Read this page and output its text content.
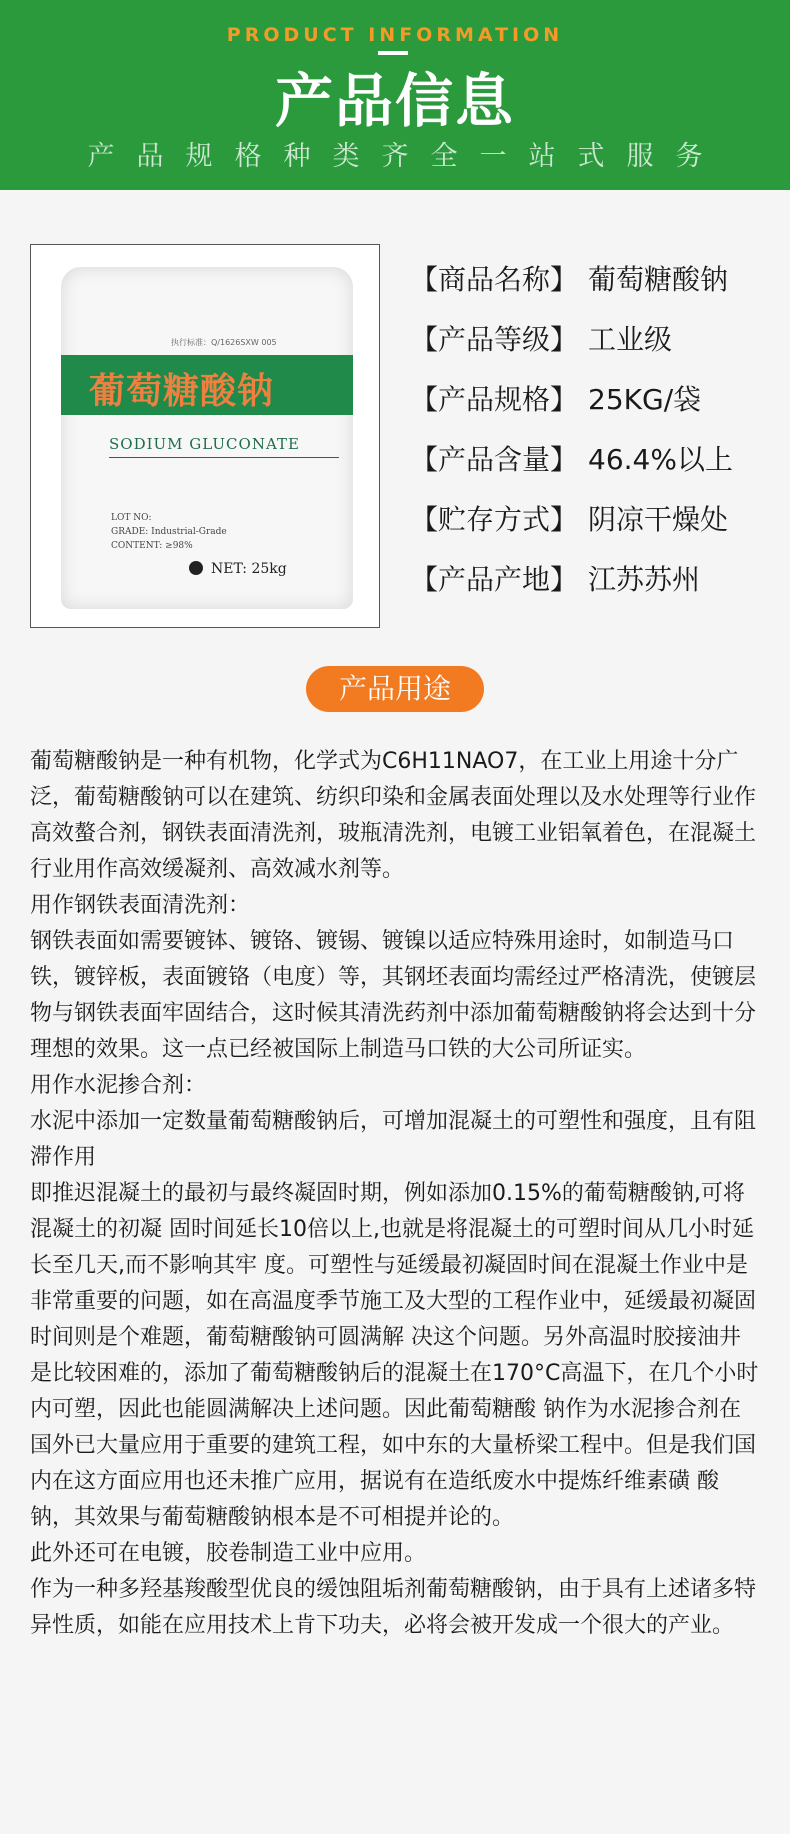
PRODUCT INFORMATION
产品信息
产品规格种类齐全一站式服务
执行标准：Q/1626SXW 005
葡萄糖酸钠
SODIUM GLUCONATE
LOT NO:
GRADE: Industrial-Grade
CONTENT: ≥98%
NET: 25kg
【商品名称】 葡萄糖酸钠
【产品等级】 工业级
【产品规格】 25KG/袋
【产品含量】 46.4%以上
【贮存方式】 阴凉干燥处
【产品产地】 江苏苏州
产品用途

葡萄糖酸钠是一种有机物，化学式为C6H11NAO7，在工业上用途十分广泛，葡萄糖酸钠可以在建筑、纺织印染和金属表面处理以及水处理等行业作高效螯合剂，钢铁表面清洗剂，玻瓶清洗剂，电镀工业铝氧着色，在混凝土行业用作高效缓凝剂、高效减水剂等。

用作钢铁表面清洗剂：

钢铁表面如需要镀钵、镀铬、镀锡、镀镍以适应特殊用途时，如制造马口铁，镀锌板，表面镀铬（电度）等，其钢坯表面均需经过严格清洗，使镀层物与钢铁表面牢固结合，这时候其清洗药剂中添加葡萄糖酸钠将会达到十分理想的效果。这一点已经被国际上制造马口铁的大公司所证实。

用作水泥掺合剂：

水泥中添加一定数量葡萄糖酸钠后，可增加混凝土的可塑性和强度，且有阻滞作用

即推迟混凝土的最初与最终凝固时期，例如添加0.15%的葡萄糖酸钠,可将 混凝土的初凝 固时间延长10倍以上,也就是将混凝土的可塑时间从几小时延长至几天,而不影响其牢 度。可塑性与延缓最初凝固时间在混凝土作业中是非常重要的问题，如在高温度季节施工及大型的工程作业中，延缓最初凝固时间则是个难题，葡萄糖酸钠可圆满解 决这个问题。另外高温时胶接油井是比较困难的，添加了葡萄糖酸钠后的混凝土在170°C高温下，在几个小时内可塑，因此也能圆满解决上述问题。因此葡萄糖酸 钠作为水泥掺合剂在国外已大量应用于重要的建筑工程，如中东的大量桥梁工程中。但是我们国内在这方面应用也还未推广应用，据说有在造纸废水中提炼纤维素磺 酸钠，其效果与葡萄糖酸钠根本是不可相提并论的。

此外还可在电镀，胶卷制造工业中应用。

作为一种多羟基羧酸型优良的缓蚀阻垢剂葡萄糖酸钠，由于具有上述诸多特异性质，如能在应用技术上肯下功夫，必将会被开发成一个很大的产业。
